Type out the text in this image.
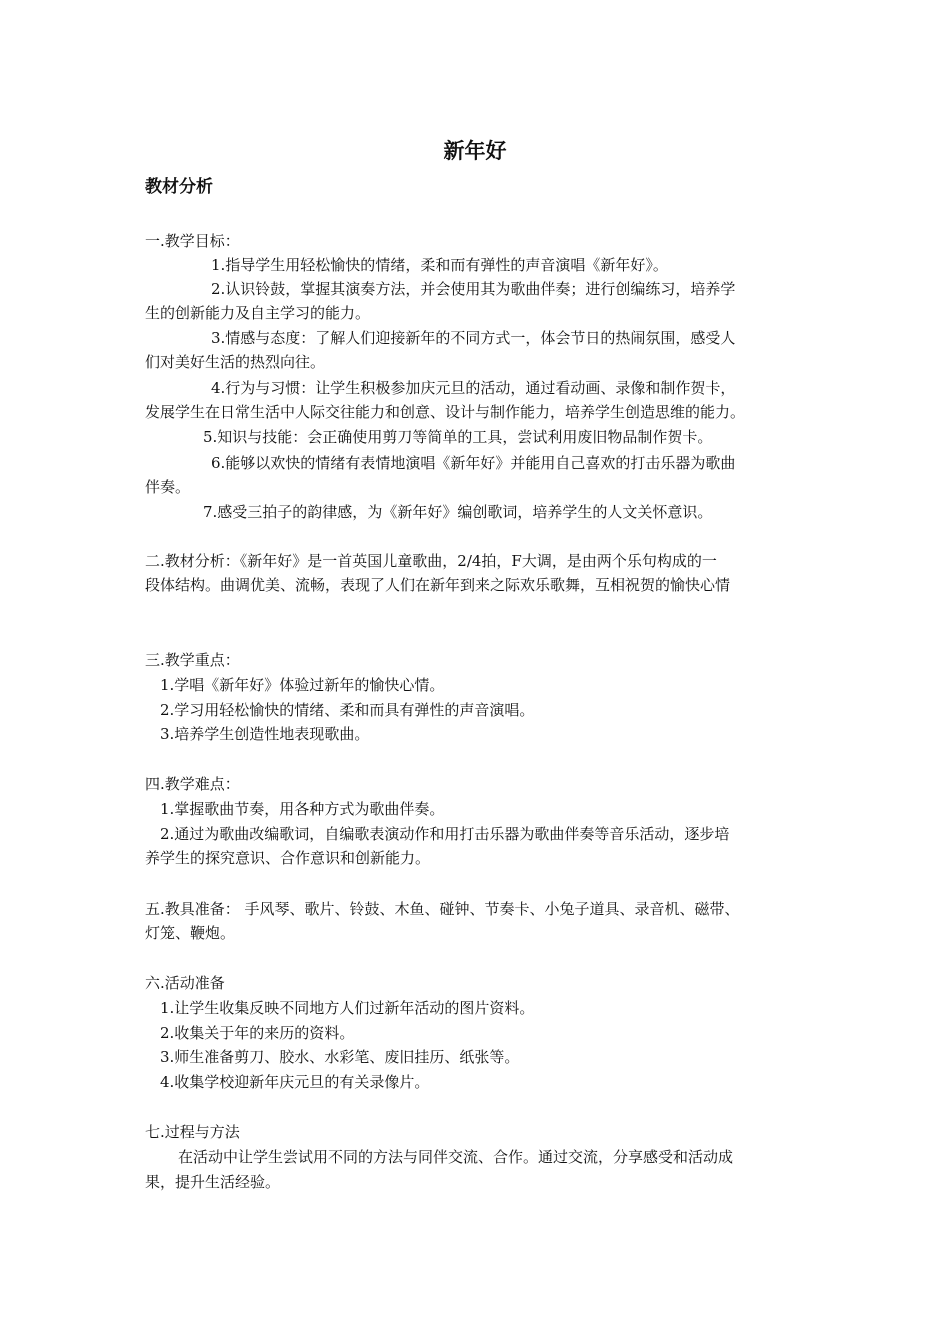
新年好
教材分析
一.教学目标：
1.指导学生用轻松愉快的情绪，柔和而有弹性的声音演唱《新年好》。
2.认识铃鼓，掌握其演奏方法，并会使用其为歌曲伴奏；进行创编练习，培养学
生的创新能力及自主学习的能力。
3.情感与态度：了解人们迎接新年的不同方式一，体会节日的热闹氛围，感受人
们对美好生活的热烈向往。
4.行为与习惯：让学生积极参加庆元旦的活动，通过看动画、录像和制作贺卡，
发展学生在日常生活中人际交往能力和创意、设计与制作能力，培养学生创造思维的能力。
5.知识与技能：会正确使用剪刀等简单的工具，尝试利用废旧物品制作贺卡。
6.能够以欢快的情绪有表情地演唱《新年好》并能用自己喜欢的打击乐器为歌曲
伴奏。
7.感受三拍子的韵律感，为《新年好》编创歌词，培养学生的人文关怀意识。
二.教材分析：《新年好》是一首英国儿童歌曲，2/4拍，F大调，是由两个乐句构成的一
段体结构。曲调优美、流畅，表现了人们在新年到来之际欢乐歌舞，互相祝贺的愉快心情
三.教学重点：
1.学唱《新年好》体验过新年的愉快心情。
2.学习用轻松愉快的情绪、柔和而具有弹性的声音演唱。
3.培养学生创造性地表现歌曲。
四.教学难点：
1.掌握歌曲节奏，用各种方式为歌曲伴奏。
2.通过为歌曲改编歌词，自编歌表演动作和用打击乐器为歌曲伴奏等音乐活动，逐步培
养学生的探究意识、合作意识和创新能力。
五.教具准备： 手风琴、歌片、铃鼓、木鱼、碰钟、节奏卡、小兔子道具、录音机、磁带、
灯笼、鞭炮。
六.活动准备
1.让学生收集反映不同地方人们过新年活动的图片资料。
2.收集关于年的来历的资料。
3.师生准备剪刀、胶水、水彩笔、废旧挂历、纸张等。
4.收集学校迎新年庆元旦的有关录像片。
七.过程与方法
在活动中让学生尝试用不同的方法与同伴交流、合作。通过交流，分享感受和活动成
果，提升生活经验。
